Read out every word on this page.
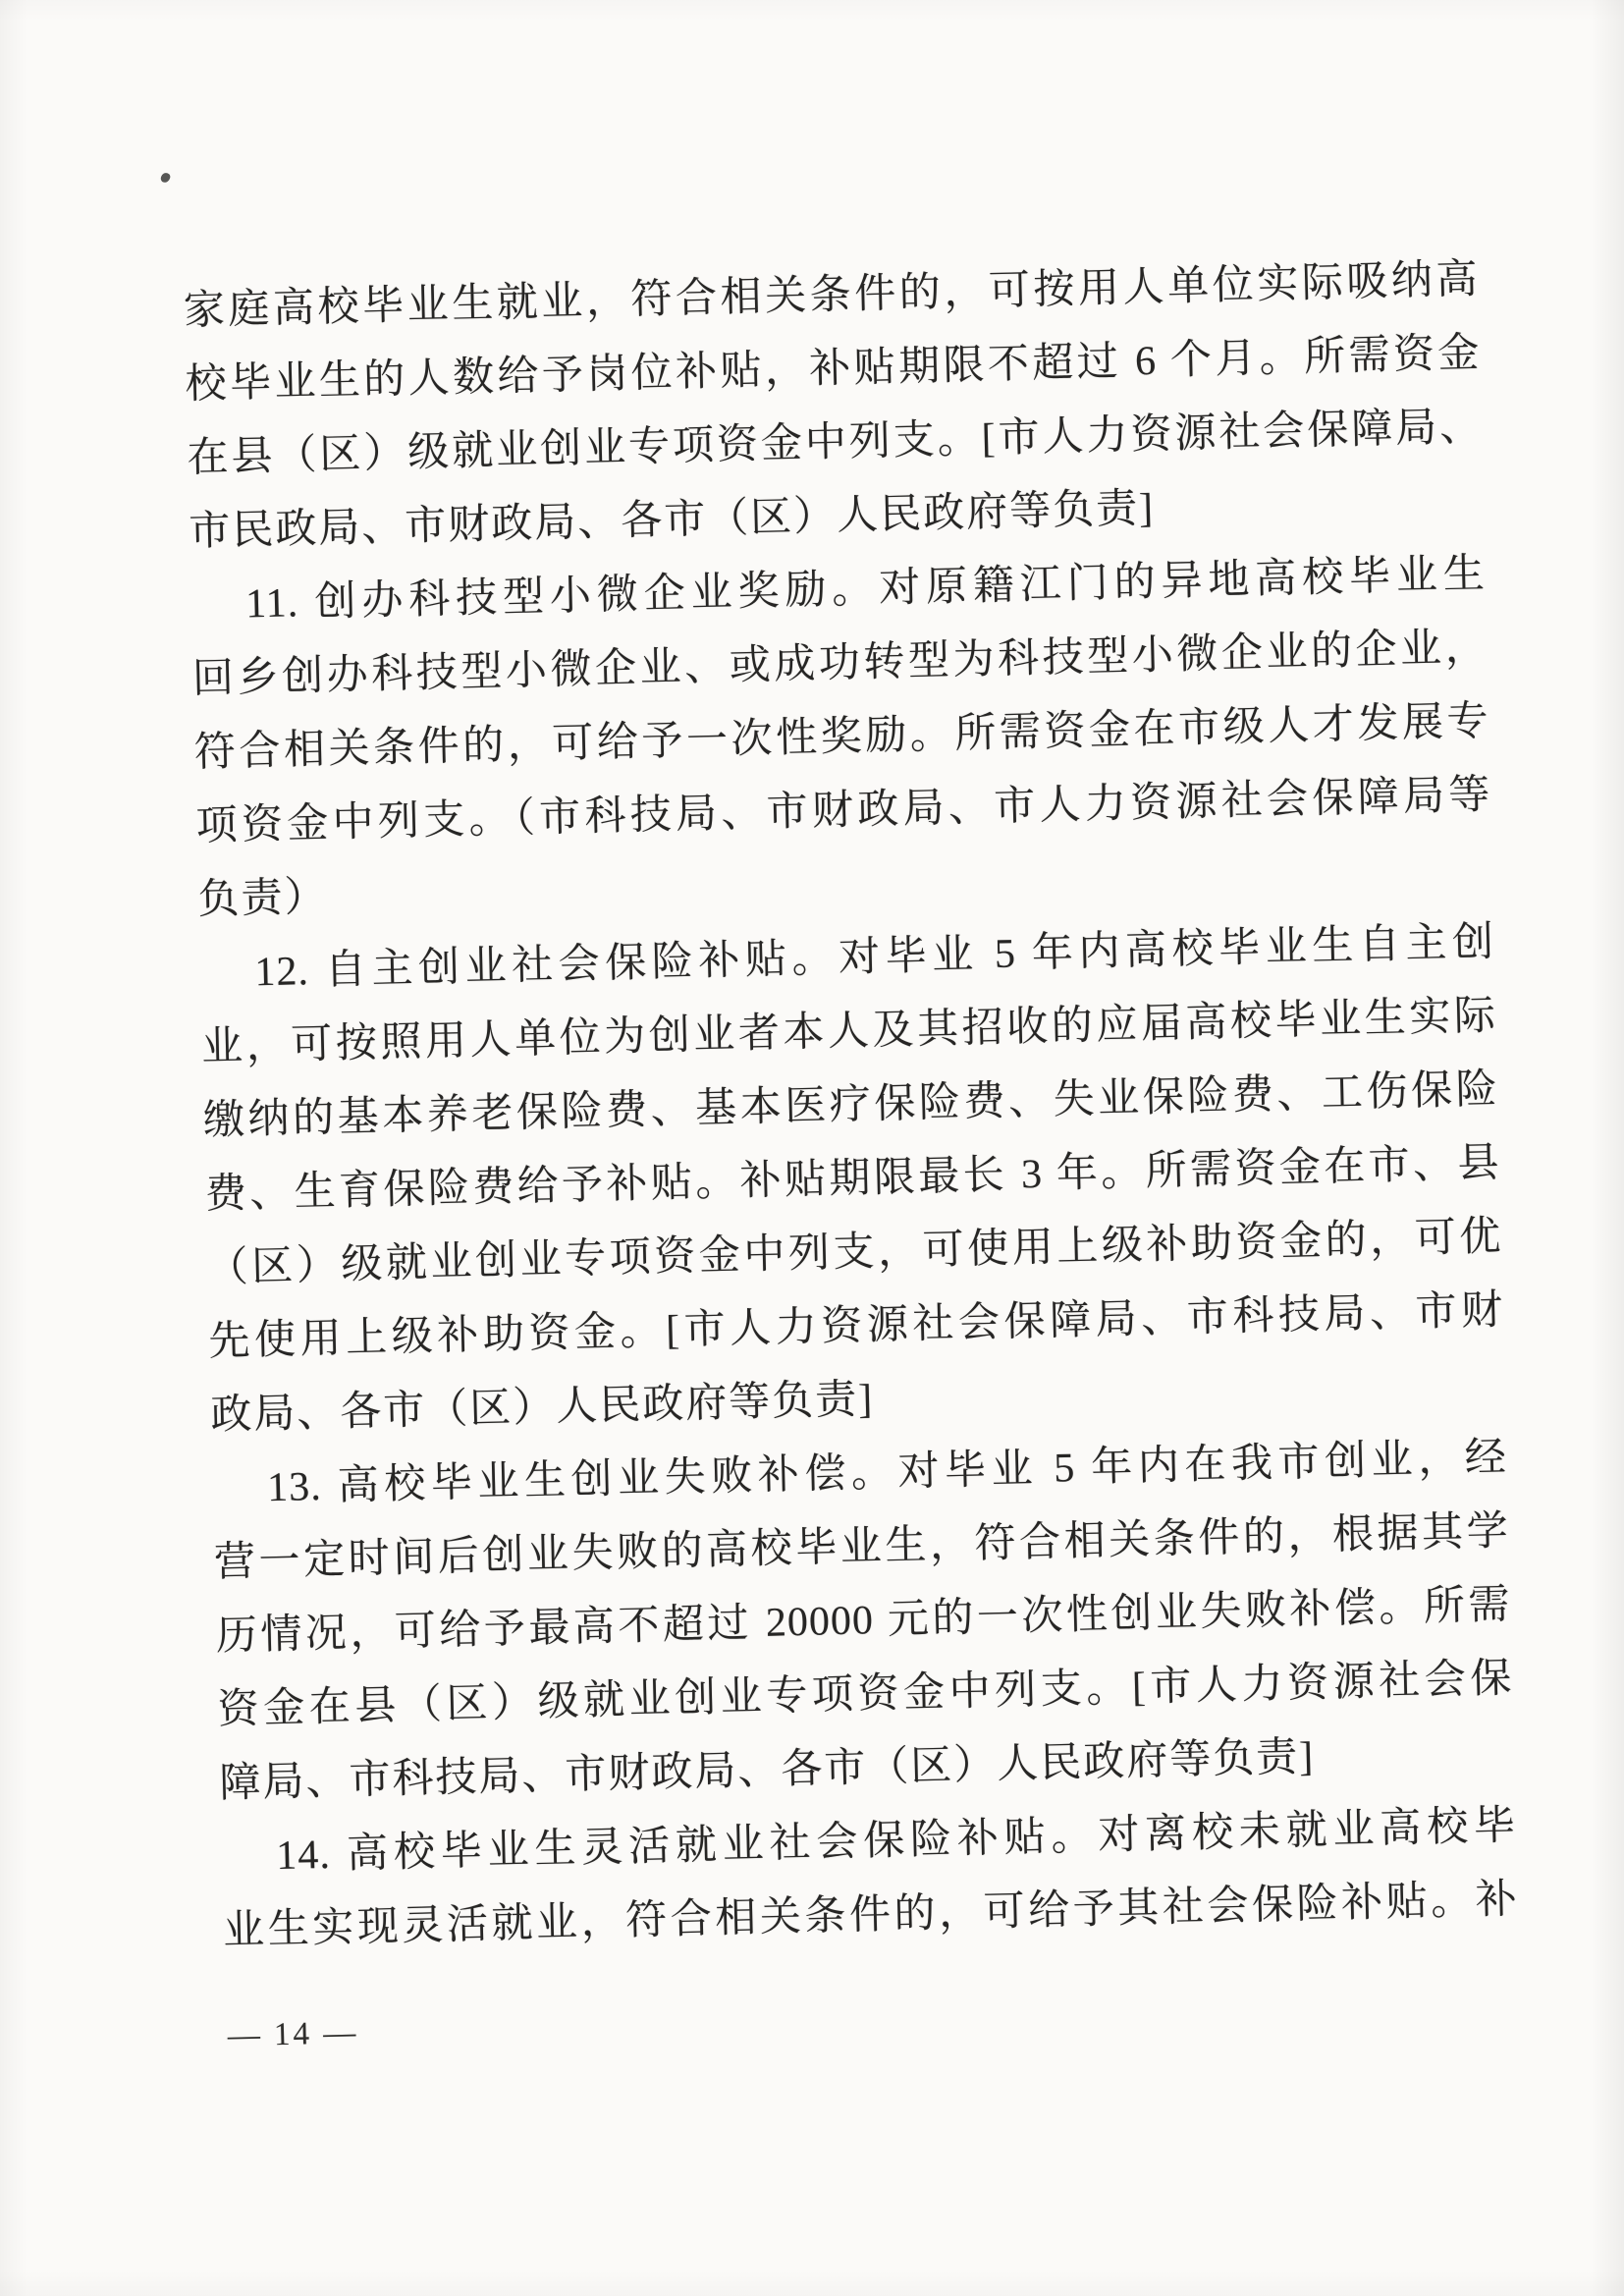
家庭高校毕业生就业，符合相关条件的，可按用人单位实际吸纳高
校毕业生的人数给予岗位补贴，补贴期限不超过 6 个月。所需资金
在县（区）级就业创业专项资金中列支。[市人力资源社会保障局、
市民政局、市财政局、各市（区）人民政府等负责]
11. 创办科技型小微企业奖励。对原籍江门的异地高校毕业生
回乡创办科技型小微企业、或成功转型为科技型小微企业的企业，
符合相关条件的，可给予一次性奖励。所需资金在市级人才发展专
项资金中列支。（市科技局、市财政局、市人力资源社会保障局等
负责）
12. 自主创业社会保险补贴。对毕业 5 年内高校毕业生自主创
业，可按照用人单位为创业者本人及其招收的应届高校毕业生实际
缴纳的基本养老保险费、基本医疗保险费、失业保险费、工伤保险
费、生育保险费给予补贴。补贴期限最长 3 年。所需资金在市、县
（区）级就业创业专项资金中列支，可使用上级补助资金的，可优
先使用上级补助资金。[市人力资源社会保障局、市科技局、市财
政局、各市（区）人民政府等负责]
13. 高校毕业生创业失败补偿。对毕业 5 年内在我市创业，经
营一定时间后创业失败的高校毕业生，符合相关条件的，根据其学
历情况，可给予最高不超过 20000 元的一次性创业失败补偿。所需
资金在县（区）级就业创业专项资金中列支。[市人力资源社会保
障局、市科技局、市财政局、各市（区）人民政府等负责]
14. 高校毕业生灵活就业社会保险补贴。对离校未就业高校毕
业生实现灵活就业，符合相关条件的，可给予其社会保险补贴。补
— 14 —
